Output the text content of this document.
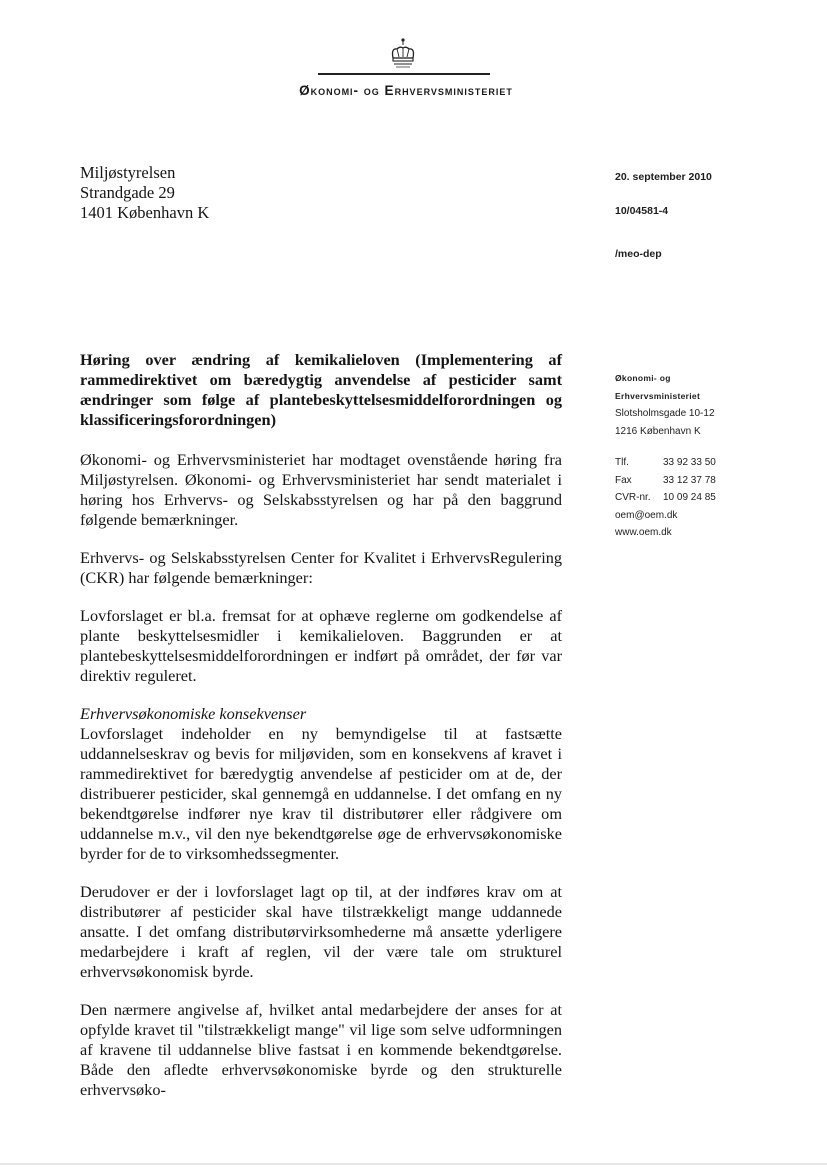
Økonomi- og Erhvervsministeriet
Miljøstyrelsen
Strandgade 29
1401 København K
20. september 2010
10/04581-4
/meo-dep
Økonomi- og
Erhvervsministeriet
Slotsholmsgade 10-12
1216 København K
Tlf.	33 92 33 50
Fax	33 12 37 78
CVR-nr.	10 09 24 85
oem@oem.dk
www.oem.dk

Høring over ændring af kemikalieloven (Implementering af rammedirektivet om bæredygtig anvendelse af pesticider samt ændringer som følge af plantebeskyttelsesmiddelforordningen og klassificeringsforordningen)

Økonomi- og Erhvervsministeriet har modtaget ovenstående høring fra Miljøstyrelsen. Økonomi- og Erhvervsministeriet har sendt materialet i høring hos Erhvervs- og Selskabsstyrelsen og har på den baggrund følgende bemærkninger.

Erhvervs- og Selskabsstyrelsen Center for Kvalitet i ErhvervsRegulering (CKR) har følgende bemærkninger:

Lovforslaget er bl.a. fremsat for at ophæve reglerne om godkendelse af plante beskyttelsesmidler i kemikalieloven. Baggrunden er at plantebeskyttelsesmiddelforordningen er indført på området, der før var direktiv reguleret.

Erhvervsøkonomiske konsekvenser

Lovforslaget indeholder en ny bemyndigelse til at fastsætte uddannelseskrav og bevis for miljøviden, som en konsekvens af kravet i rammedirektivet for bæredygtig anvendelse af pesticider om at de, der distribuerer pesticider, skal gennemgå en uddannelse. I det omfang en ny bekendtgørelse indfører nye krav til distributører eller rådgivere om uddannelse m.v., vil den nye bekendtgørelse øge de erhvervsøkonomiske byrder for de to virksomhedssegmenter.

Derudover er der i lovforslaget lagt op til, at der indføres krav om at distributører af pesticider skal have tilstrækkeligt mange uddannede ansatte. I det omfang distributørvirksomhederne må ansætte yderligere medarbejdere i kraft af reglen, vil der være tale om strukturel erhvervsøkonomisk byrde.

Den nærmere angivelse af, hvilket antal medarbejdere der anses for at opfylde kravet til "tilstrækkeligt mange" vil lige som selve udformningen af kravene til uddannelse blive fastsat i en kommende bekendtgørelse. Både den afledte erhvervsøkonomiske byrde og den strukturelle erhvervsøko-
